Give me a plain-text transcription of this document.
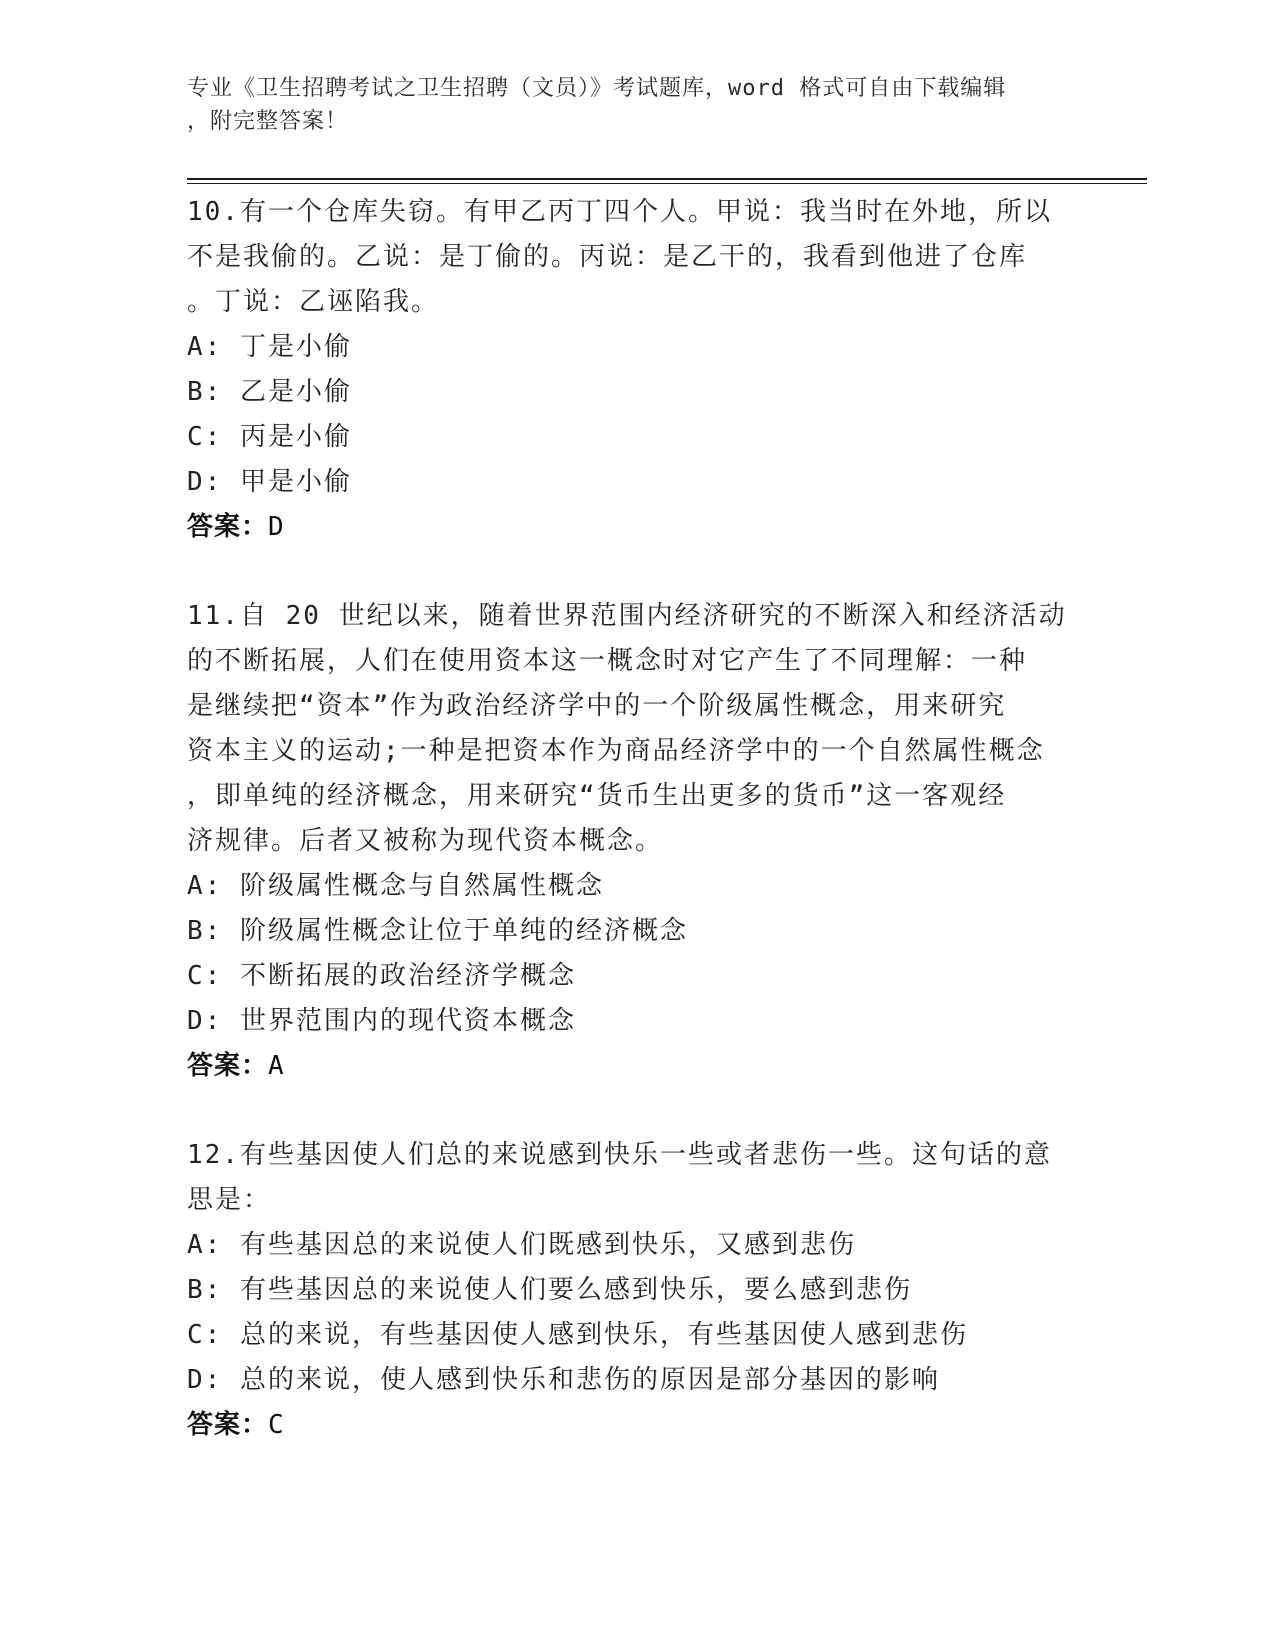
专业《卫生招聘考试之卫生招聘（文员）》考试题库，word 格式可自由下载编辑
，附完整答案！

10.有一个仓库失窃。有甲乙丙丁四个人。甲说：我当时在外地，所以

不是我偷的。乙说：是丁偷的。丙说：是乙干的，我看到他进了仓库

。丁说：乙诬陷我。

A: 丁是小偷

B: 乙是小偷

C: 丙是小偷

D: 甲是小偷

答案：D

11.自 20 世纪以来，随着世界范围内经济研究的不断深入和经济活动

的不断拓展，人们在使用资本这一概念时对它产生了不同理解：一种

是继续把“资本”作为政治经济学中的一个阶级属性概念，用来研究

资本主义的运动;一种是把资本作为商品经济学中的一个自然属性概念

，即单纯的经济概念，用来研究“货币生出更多的货币”这一客观经

济规律。后者又被称为现代资本概念。

A: 阶级属性概念与自然属性概念

B: 阶级属性概念让位于单纯的经济概念

C: 不断拓展的政治经济学概念

D: 世界范围内的现代资本概念

答案：A

12.有些基因使人们总的来说感到快乐一些或者悲伤一些。这句话的意

思是：

A: 有些基因总的来说使人们既感到快乐，又感到悲伤

B: 有些基因总的来说使人们要么感到快乐，要么感到悲伤

C: 总的来说，有些基因使人感到快乐，有些基因使人感到悲伤

D: 总的来说，使人感到快乐和悲伤的原因是部分基因的影响

答案：C
